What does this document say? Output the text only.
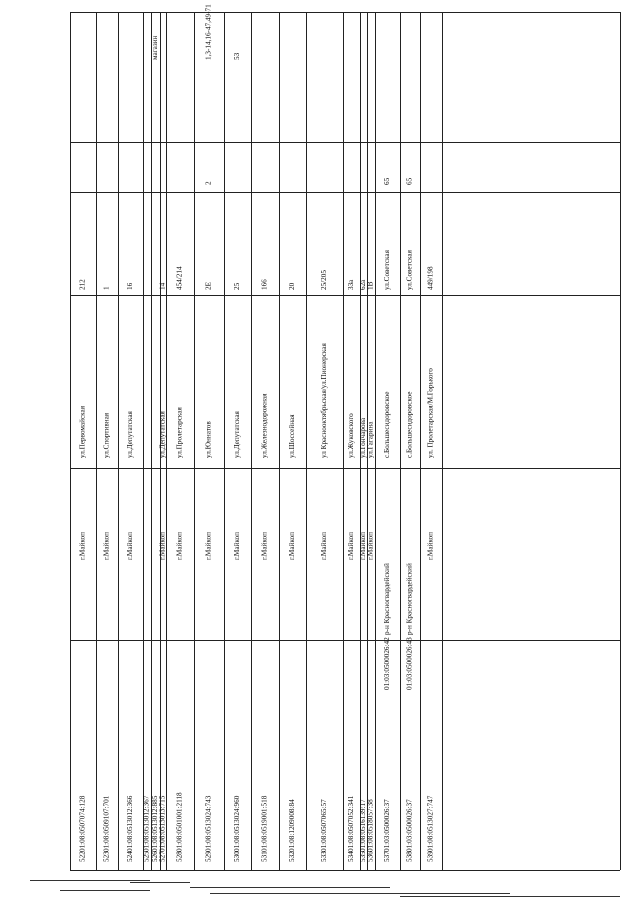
522
01:08:0507074:128
г.Майкоп
ул.Первомайская
212
523
01:08:0509107:701
г.Майкоп
ул.Спортивная
1
524
01:08:0513012:366
г.Майкоп
ул.Депутатская
16
525
01:08:0513012:367
526
01:08:0513012:885
магазин
527
01:08:0513013:715
г.Майкоп
ул.Депутатская
14
528
01:08:0501001:2118
г.Майкоп
ул.Пролетарская
454/214
529
01:08:0513024:743
г.Майкоп
ул.Юннатов
2Е
2
1,3-14,16-47,49-71
530
01:08:0513024:960
г.Майкоп
ул.Депутатская
25
53
531
01:08:0519001:518
г.Майкоп
ул.Железнодорожная
166
532
01:08:1209008:84
г.Майкоп
ул.Шоссейная
20
533
01:08:0507065:57
г.Майкоп
ул Краснооктябрьская/ул.Пионерская
25/205
534
01:08:0507052:341
г.Майкоп
ул.Жуковского
33а
535
01:08:0516139:17
г.Майкоп
ул.Гончарова
62а
536
01:08:0518057:38
г.Майкоп
ул.Гагарина
1В
537
01:03:0500026:37
01:03:0500026:42
р-н Красногвардейский
с.Большесидоровское
ул.Советская
65
538
01:03:0500026:37
01:03:0500026:43
р-н Красногвардейский
с.Большесидоровское
ул.Советская
65
539
01:08:0513027:747
г.Майкоп
ул. Пролетарская/М.Горького
449/198
